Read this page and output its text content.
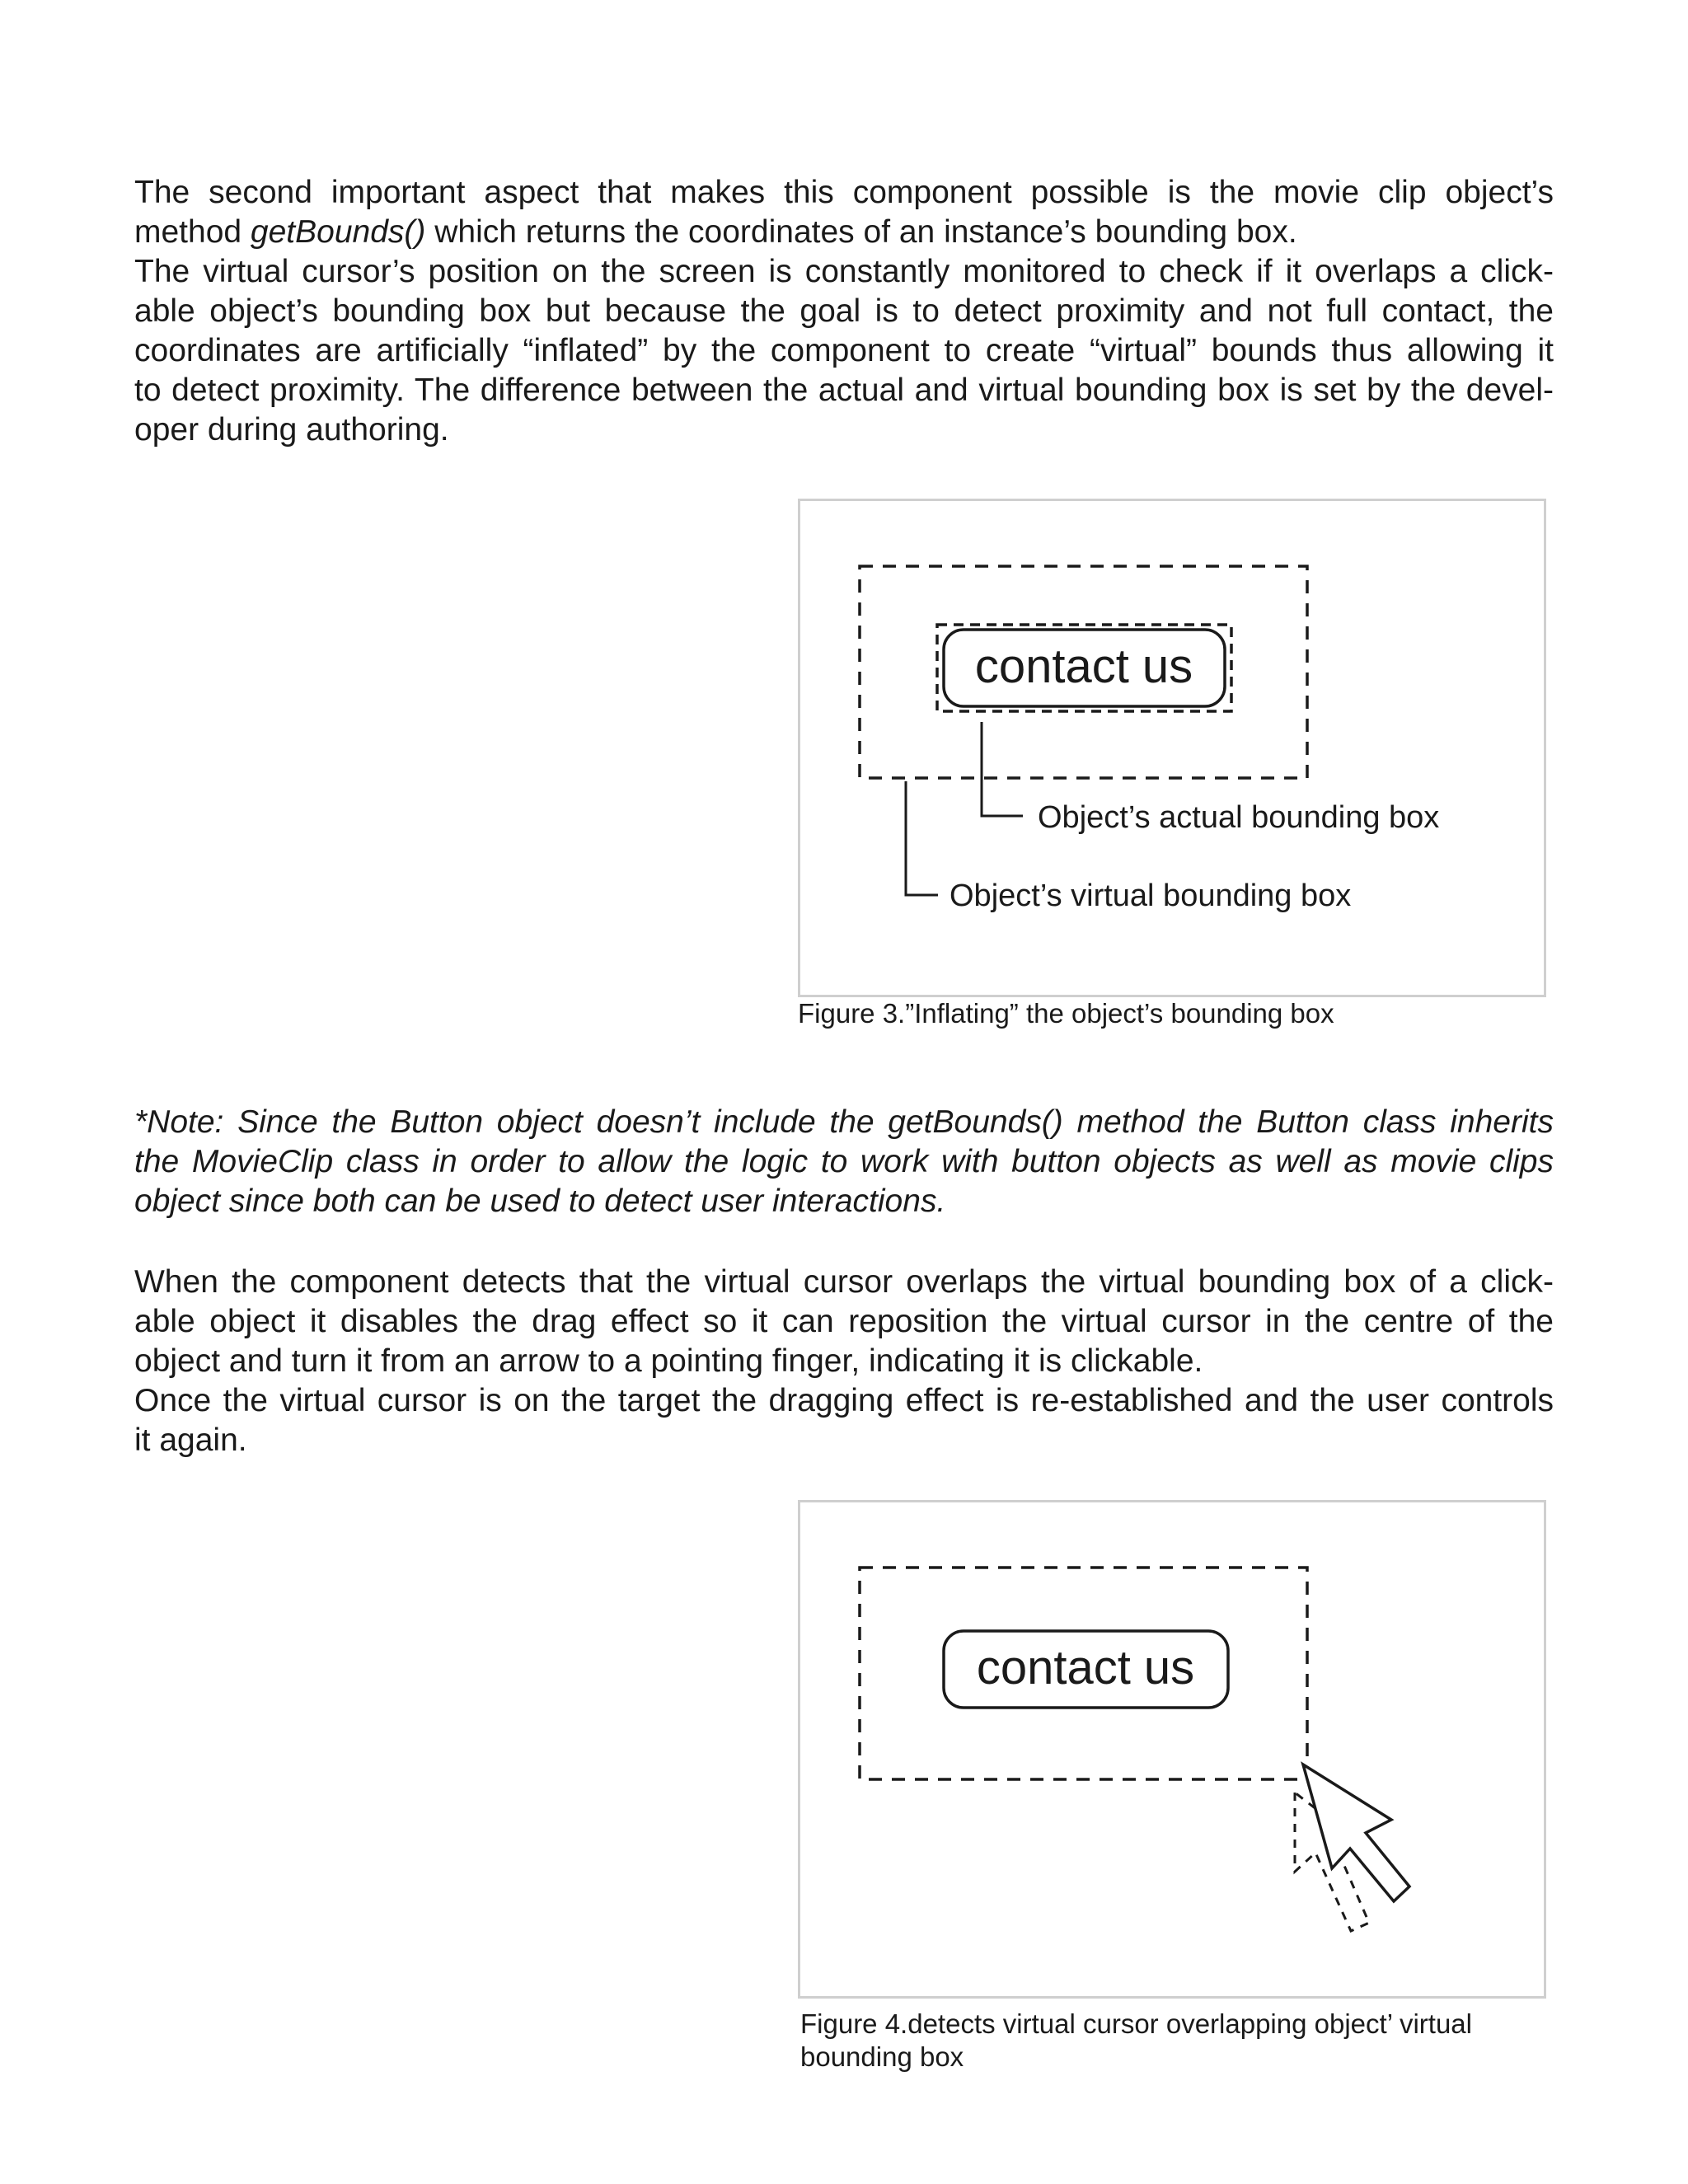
The second important aspect that makes this component possible is the movie clip object’s
method getBounds() which returns the coordinates of an instance’s bounding box.
The virtual cursor’s position on the screen is constantly monitored to check if it overlaps a click-
able object’s bounding box but because the goal is to detect proximity and not full contact, the
coordinates are artificially “inflated” by the component to create “virtual” bounds thus allowing it
to detect proximity. The difference between the actual and virtual bounding box is set by the devel-
oper during authoring.
contact us
Object’s actual bounding box
Object’s virtual bounding box

Figure 3.”Inflating” the object’s bounding box

*Note: Since the Button object doesn’t include the getBounds() method the Button class inherits
the MovieClip class in order to allow the logic to work with button objects as well as movie clips
object since both can be used to detect user interactions.
When the component detects that the virtual cursor overlaps the virtual bounding box of a click-
able object it disables the drag effect so it can reposition the virtual cursor in the centre of the
object and turn it from an arrow to a pointing finger, indicating it is clickable.
Once the virtual cursor is on the target the dragging effect is re-established and the user controls
it again.
contact us

Figure 4.detects virtual cursor overlapping object’ virtual
bounding box
